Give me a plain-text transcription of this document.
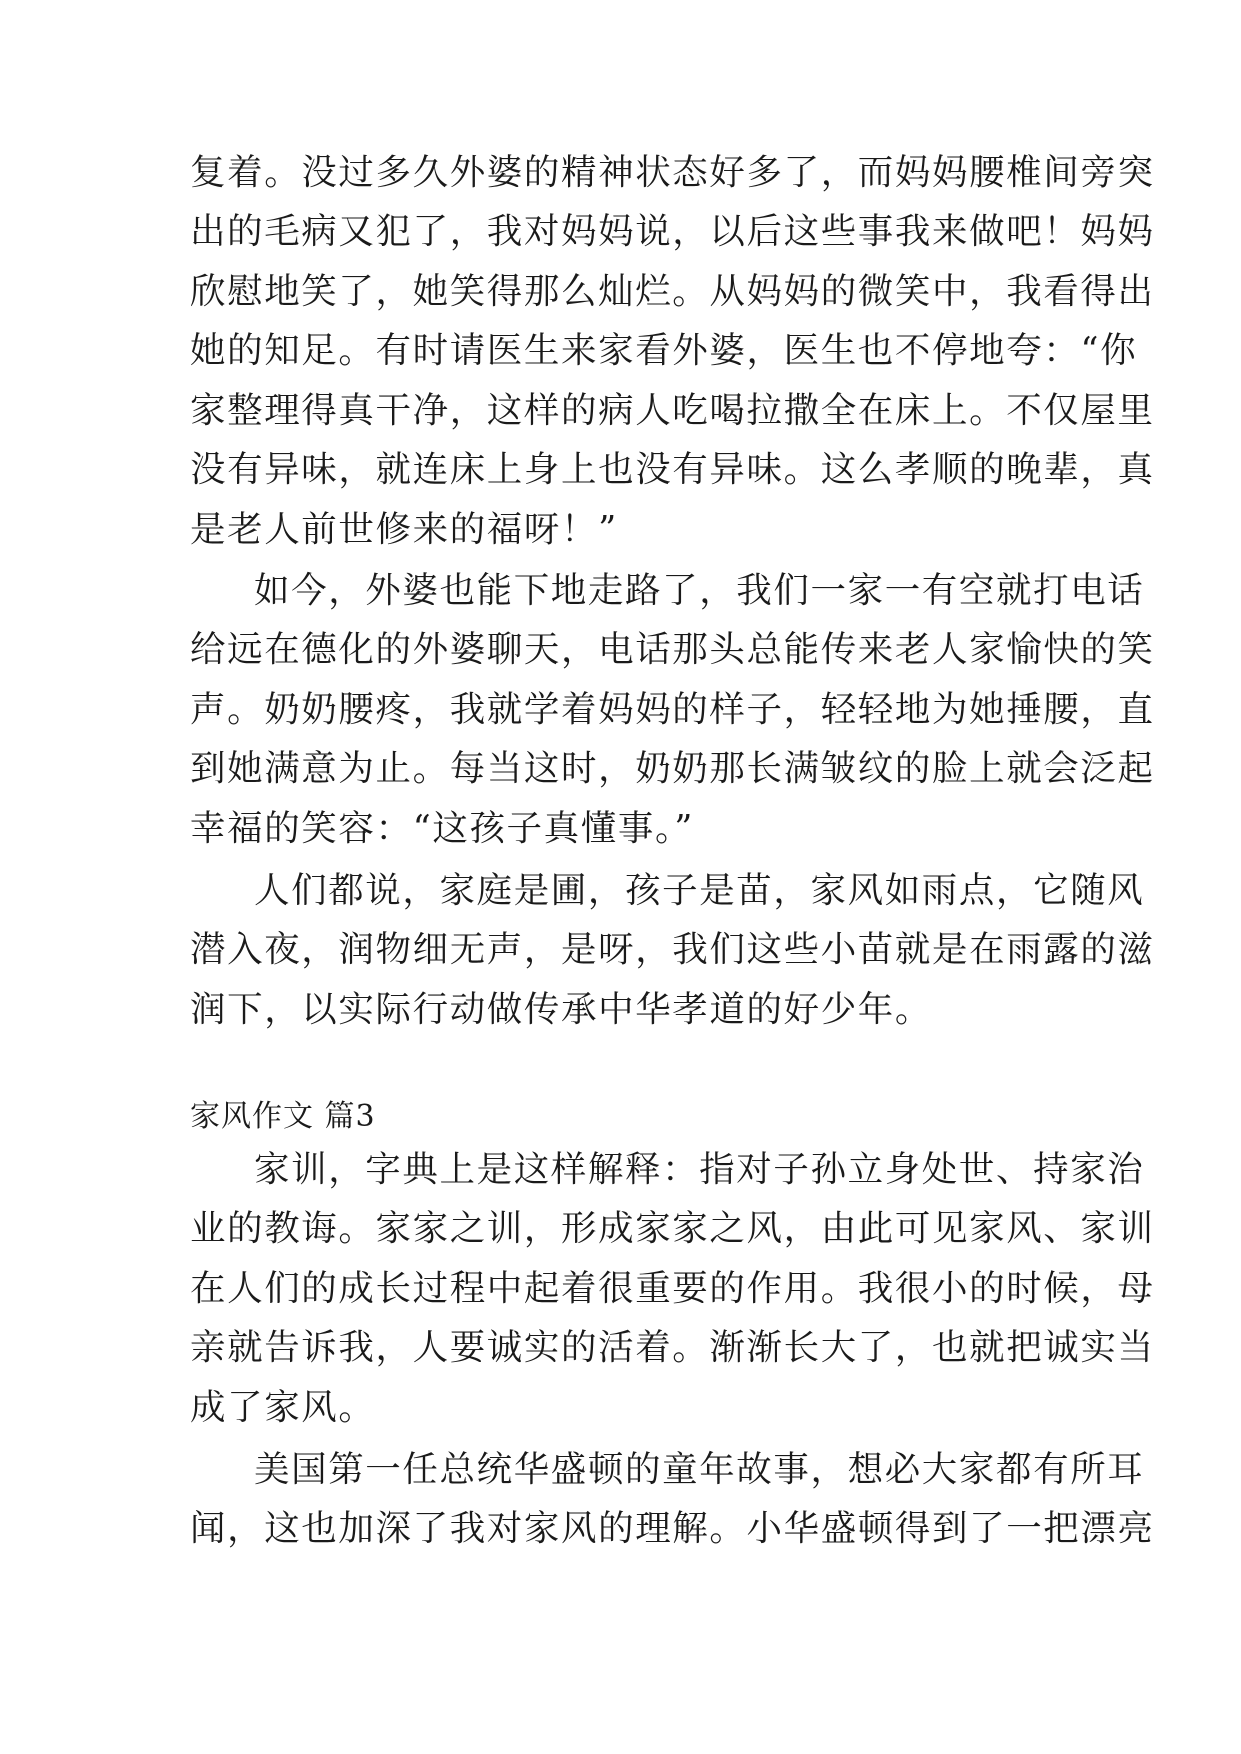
复着。没过多久外婆的精神状态好多了，而妈妈腰椎间旁突
出的毛病又犯了，我对妈妈说，以后这些事我来做吧！妈妈
欣慰地笑了，她笑得那么灿烂。从妈妈的微笑中，我看得出
她的知足。有时请医生来家看外婆，医生也不停地夸：“你
家整理得真干净，这样的病人吃喝拉撒全在床上。不仅屋里
没有异味，就连床上身上也没有异味。这么孝顺的晚辈，真
是老人前世修来的福呀！”
如今，外婆也能下地走路了，我们一家一有空就打电话
给远在德化的外婆聊天，电话那头总能传来老人家愉快的笑
声。奶奶腰疼，我就学着妈妈的样子，轻轻地为她捶腰，直
到她满意为止。每当这时，奶奶那长满皱纹的脸上就会泛起
幸福的笑容：“这孩子真懂事。”
人们都说，家庭是圃，孩子是苗，家风如雨点，它随风
潜入夜，润物细无声，是呀，我们这些小苗就是在雨露的滋
润下，以实际行动做传承中华孝道的好少年。
家风作文 篇3
家训，字典上是这样解释：指对子孙立身处世、持家治
业的教诲。家家之训，形成家家之风，由此可见家风、家训
在人们的成长过程中起着很重要的作用。我很小的时候，母
亲就告诉我，人要诚实的活着。渐渐长大了，也就把诚实当
成了家风。
美国第一任总统华盛顿的童年故事，想必大家都有所耳
闻，这也加深了我对家风的理解。小华盛顿得到了一把漂亮
